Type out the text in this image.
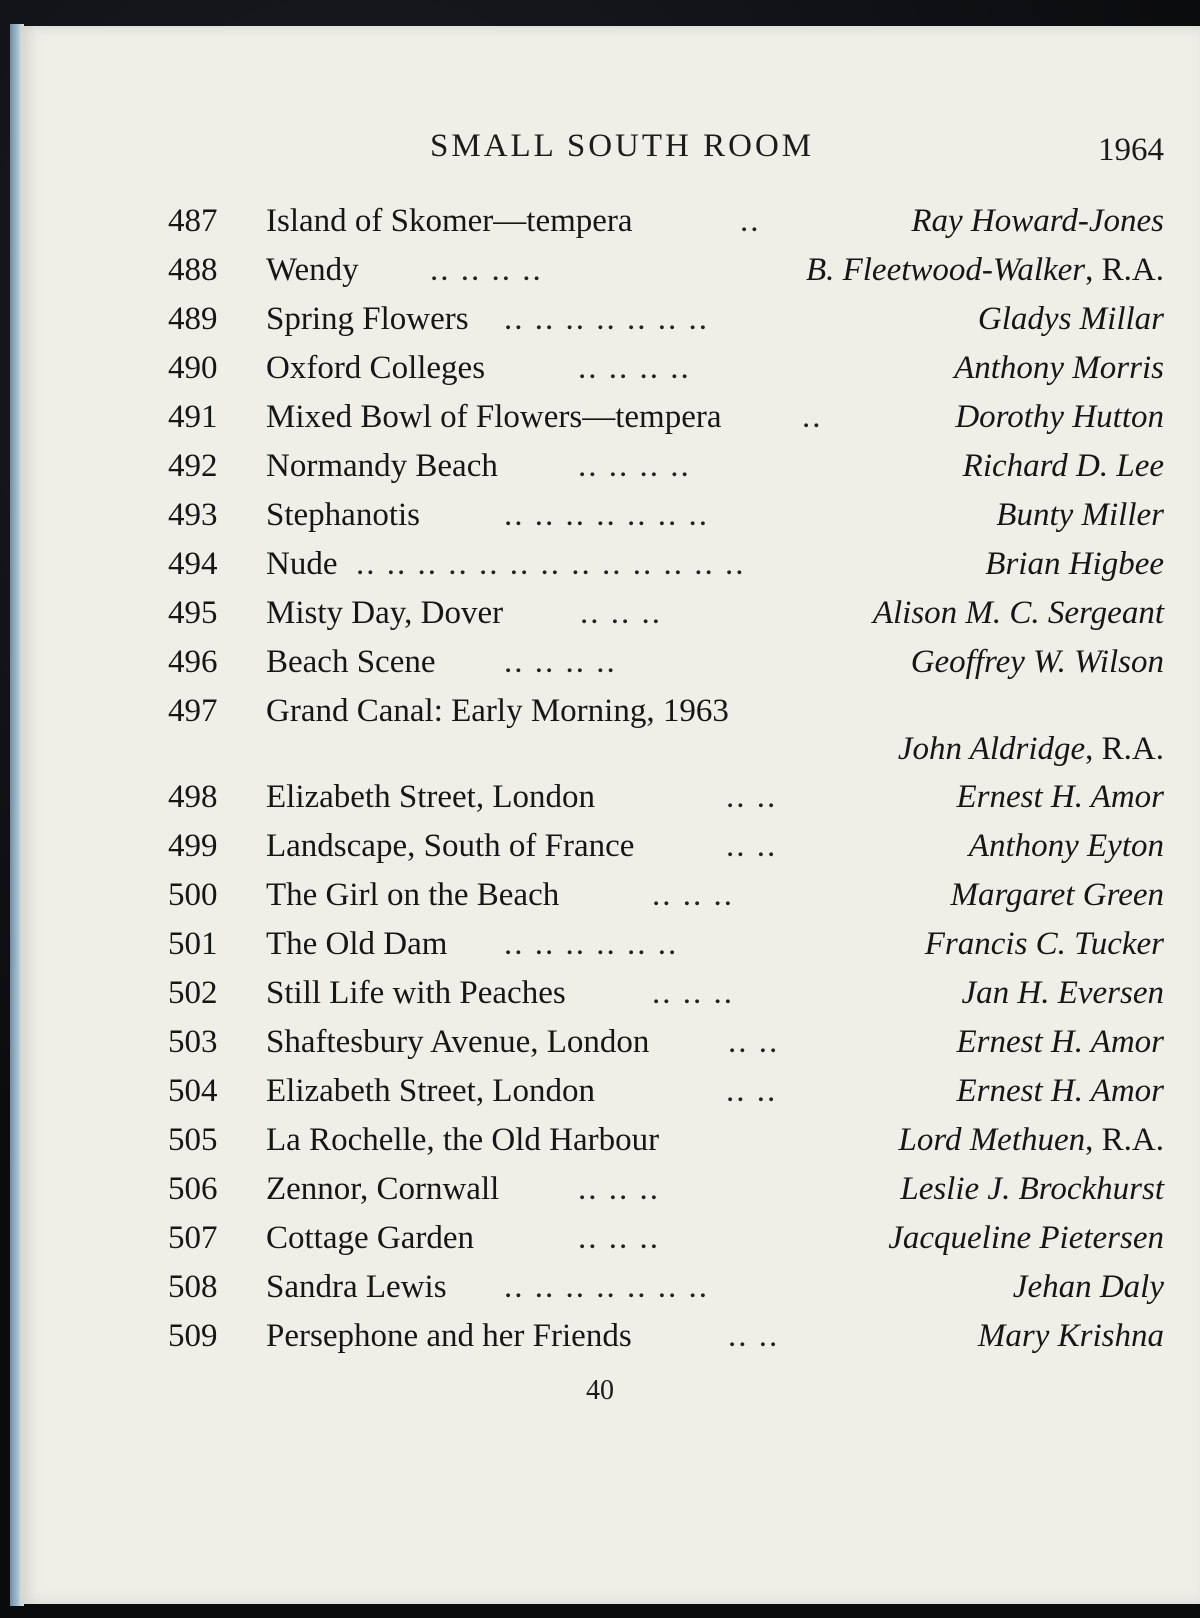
SMALL SOUTH ROOM	1964
487	Island of Skomer—tempera	..	Ray Howard-Jones
488	Wendy .. .. .. ..	B. Fleetwood-Walker, R.A.
489	Spring Flowers .. .. .. .. .. .. ..	Gladys Millar
490	Oxford Colleges	.. .. .. ..	Anthony Morris
491	Mixed Bowl of Flowers—tempera ..	Dorothy Hutton
492	Normandy Beach .. .. .. ..	Richard D. Lee
493	Stephanotis	.. .. .. .. .. .. ..	Bunty Miller
494	Nude .. .. .. .. .. .. .. .. .. .. .. .. ..	Brian Higbee
495	Misty Day, Dover .. .. ..	Alison M. C. Sergeant
496	Beach Scene .. .. .. ..	Geoffrey W. Wilson
497	Grand Canal: Early Morning, 1963
John Aldridge, R.A.
498	Elizabeth Street, London	.. ..	Ernest H. Amor
499	Landscape, South of France	.. ..	Anthony Eyton
500	The Girl on the Beach	.. .. ..	Margaret Green
501	The Old Dam .. .. .. .. .. ..	Francis C. Tucker
502	Still Life with Peaches	.. .. ..	Jan H. Eversen
503	Shaftesbury Avenue, London .. ..	Ernest H. Amor
504	Elizabeth Street, London	.. ..	Ernest H. Amor
505	La Rochelle, the Old Harbour	Lord Methuen, R.A.
506	Zennor, Cornwall .. .. ..	Leslie J. Brockhurst
507	Cottage Garden	.. .. ..	Jacqueline Pietersen
508	Sandra Lewis .. .. .. .. .. .. ..	Jehan Daly
509	Persephone and her Friends	.. ..	Mary Krishna
40
